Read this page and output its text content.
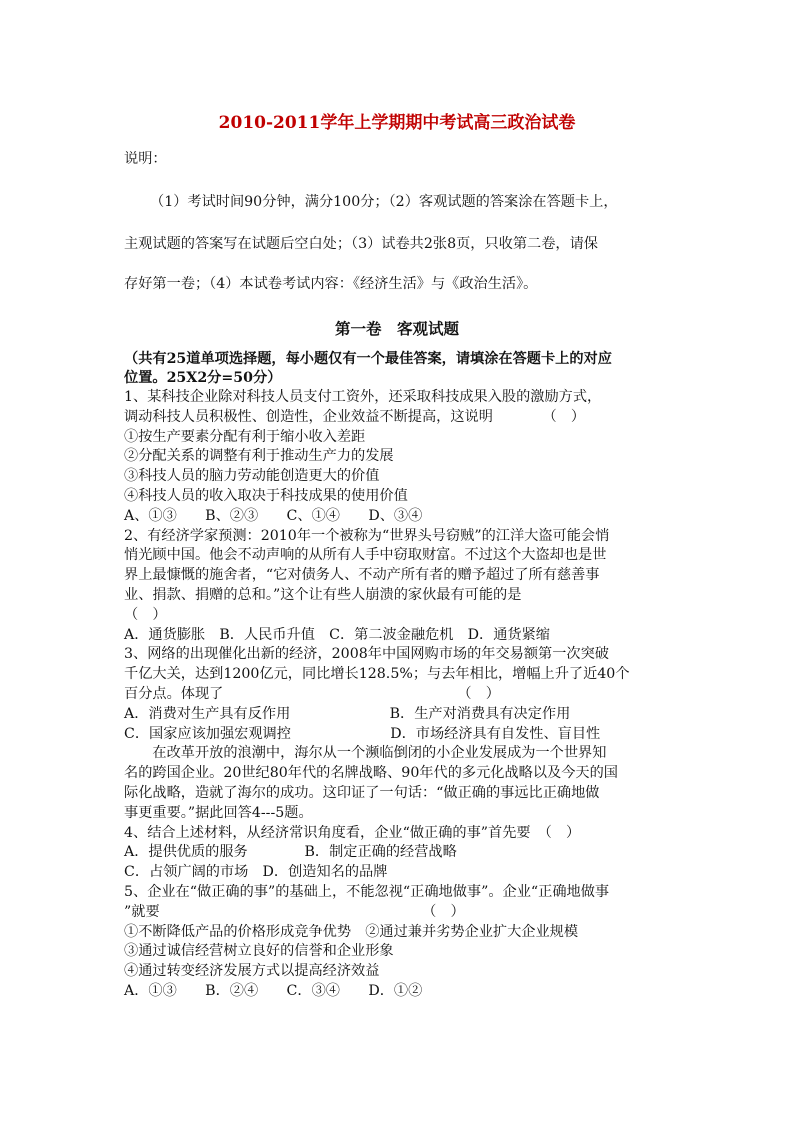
2010-2011学年上学期期中考试高三政治试卷
说明：
（1）考试时间90分钟，满分100分；（2）客观试题的答案涂在答题卡上，
主观试题的答案写在试题后空白处；（3）试卷共2张8页，只收第二卷，请保
存好第一卷；（4）本试卷考试内容：《经济生活》与《政治生活》。
第一卷　客观试题
（共有25道单项选择题，每小题仅有一个最佳答案，请填涂在答题卡上的对应
位置。25X2分=50分）
1、某科技企业除对科技人员支付工资外，还采取科技成果入股的激励方式，
调动科技人员积极性、创造性，企业效益不断提高，这说明　　　　（　）
①按生产要素分配有利于缩小收入差距
②分配关系的调整有利于推动生产力的发展
③科技人员的脑力劳动能创造更大的价值
④科技人员的收入取决于科技成果的使用价值
A、①③　　B、②③　　C、①④　　D、③④
2、有经济学家预测：2010年一个被称为“世界头号窃贼”的江洋大盗可能会悄
悄光顾中国。他会不动声响的从所有人手中窃取财富。不过这个大盗却也是世
界上最慷慨的施舍者，“它对债务人、不动产所有者的赠予超过了所有慈善事
业、捐款、捐赠的总和。”这个让有些人崩溃的家伙最有可能的是
（　）
A．通货膨胀　B．人民币升值　C．第二波金融危机　D．通货紧缩
3、网络的出现催化出新的经济，2008年中国网购市场的年交易额第一次突破
千亿大关，达到1200亿元，同比增长128.5%；与去年相比，增幅上升了近40个
百分点。体现了　　　　　　　　　　　　　　　　　（　）
A．消费对生产具有反作用　　　　　　　B．生产对消费具有决定作用
C．国家应该加强宏观调控　　　　　　　D．市场经济具有自发性、盲目性
　　在改革开放的浪潮中，海尔从一个濒临倒闭的小企业发展成为一个世界知
名的跨国企业。20世纪80年代的名牌战略、90年代的多元化战略以及今天的国
际化战略，造就了海尔的成功。这印证了一句话：“做正确的事远比正确地做
事更重要。”据此回答4---5题。
4、结合上述材料，从经济常识角度看，企业“做正确的事”首先要　（　）
A．提供优质的服务　　　　B．制定正确的经营战略
C．占领广阔的市场　D．创造知名的品牌
5、企业在“做正确的事”的基础上，不能忽视“正确地做事”。企业“正确地做事
”就要　　　　　　　　　　　　　　　　　　　（　）
①不断降低产品的价格形成竞争优势　②通过兼并劣势企业扩大企业规模
③通过诚信经营树立良好的信誉和企业形象
④通过转变经济发展方式以提高经济效益
A．①③　　B．②④　　C．③④　　D．①②
